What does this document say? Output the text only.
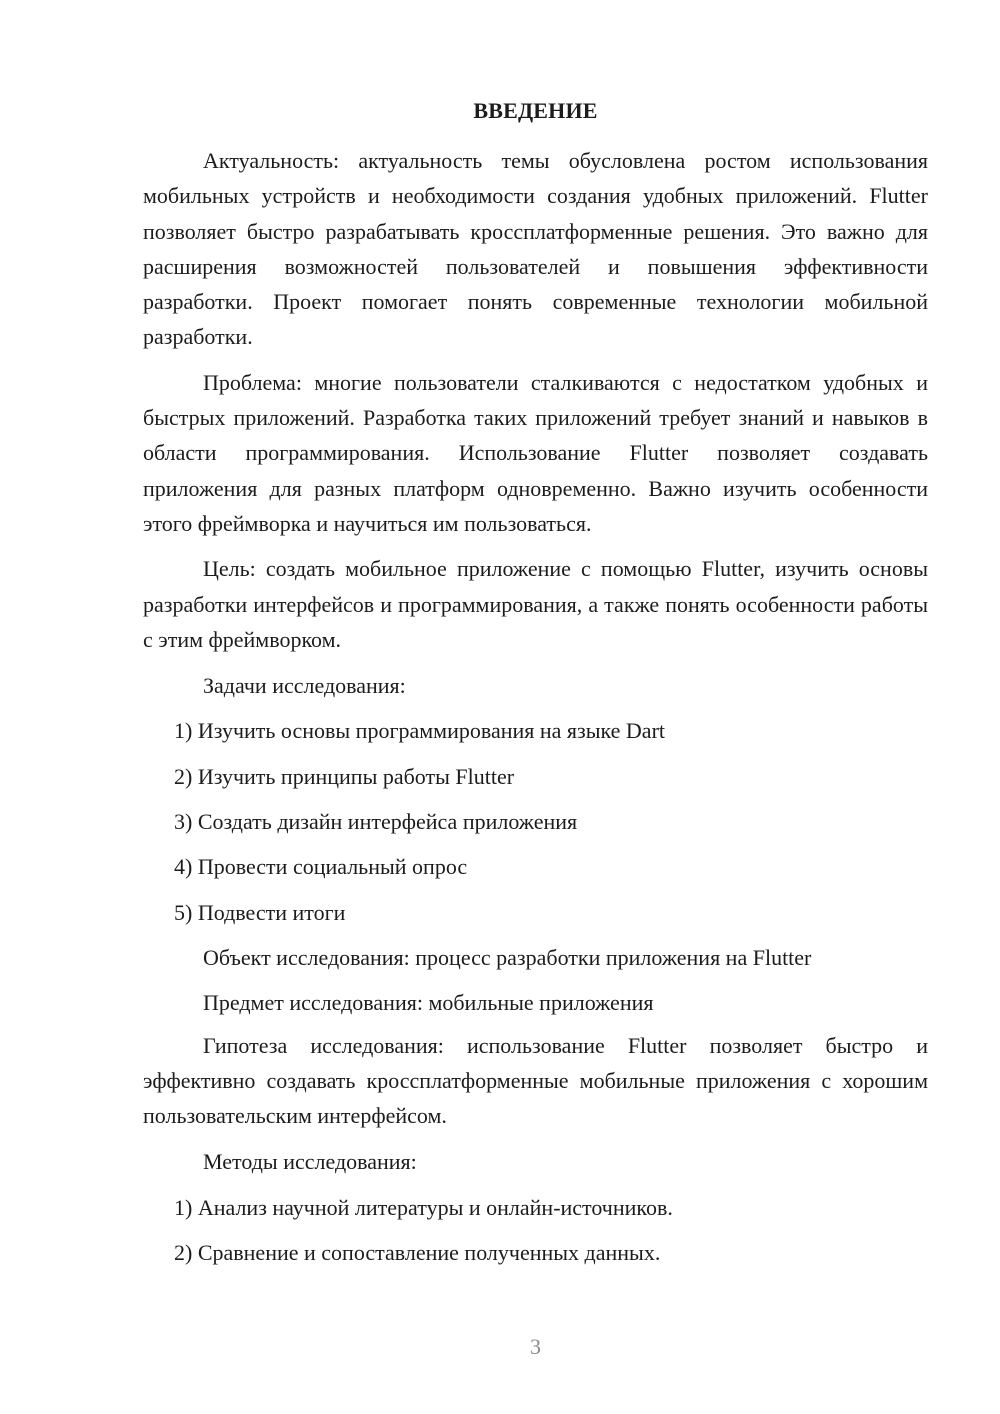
ВВЕДЕНИЕ

Актуальность: актуальность темы обусловлена ростом использования мобильных устройств и необходимости создания удобных приложений. Flutter позволяет быстро разрабатывать кроссплатформенные решения. Это важно для расширения возможностей пользователей и повышения эффективности разработки. Проект помогает понять современные технологии мобильной разработки.

Проблема: многие пользователи сталкиваются с недостатком удобных и быстрых приложений. Разработка таких приложений требует знаний и навыков в области программирования. Использование Flutter позволяет создавать приложения для разных платформ одновременно. Важно изучить особенности этого фреймворка и научиться им пользоваться.

Цель: создать мобильное приложение с помощью Flutter, изучить основы разработки интерфейсов и программирования, а также понять особенности работы с этим фреймворком.

Задачи исследования:

1) Изучить основы программирования на языке Dart

2) Изучить принципы работы Flutter

3) Создать дизайн интерфейса приложения

4) Провести социальный опрос

5) Подвести итоги

Объект исследования: процесс разработки приложения на Flutter

Предмет исследования: мобильные приложения

Гипотеза исследования: использование Flutter позволяет быстро и эффективно создавать кроссплатформенные мобильные приложения с хорошим пользовательским интерфейсом.

Методы исследования:

1) Анализ научной литературы и онлайн-источников.

2) Сравнение и сопоставление полученных данных.

3
